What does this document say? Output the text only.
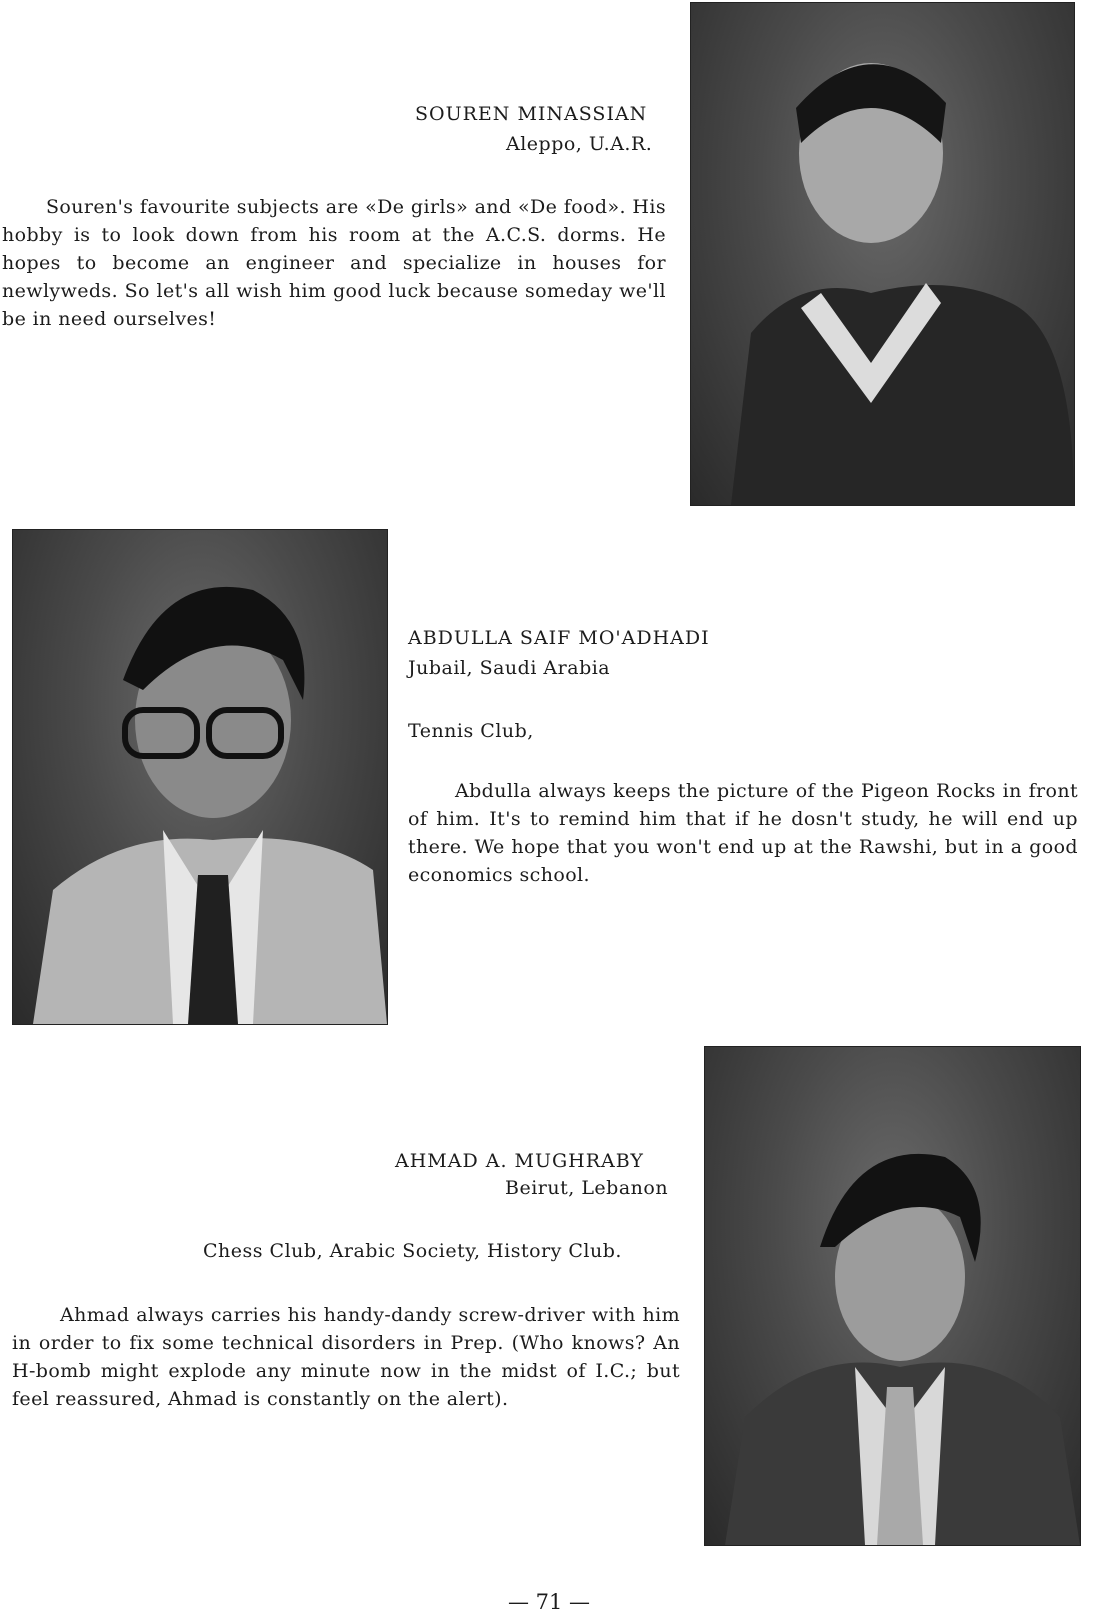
SOUREN MINASSIAN
Aleppo, U.A.R.

Souren's favourite subjects are «De girls» and «De food». His hobby is to look down from his room at the A.C.S. dorms. He hopes to become an engineer and specialize in houses for newlyweds. So let's all wish him good luck because someday we'll be in need ourselves!

ABDULLA SAIF MO'ADHADI
Jubail, Saudi Arabia
Tennis Club,

Abdulla always keeps the picture of the Pigeon Rocks in front of him. It's to remind him that if he dosn't study, he will end up there. We hope that you won't end up at the Rawshi, but in a good economics school.

AHMAD A. MUGHRABY
Beirut, Lebanon
Chess Club, Arabic Society, History Club.

Ahmad always carries his handy-dandy screw-driver with him in order to fix some technical disorders in Prep. (Who knows? An H-bomb might explode any minute now in the midst of I.C.; but feel reassured, Ahmad is constantly on the alert).

— 71 —
